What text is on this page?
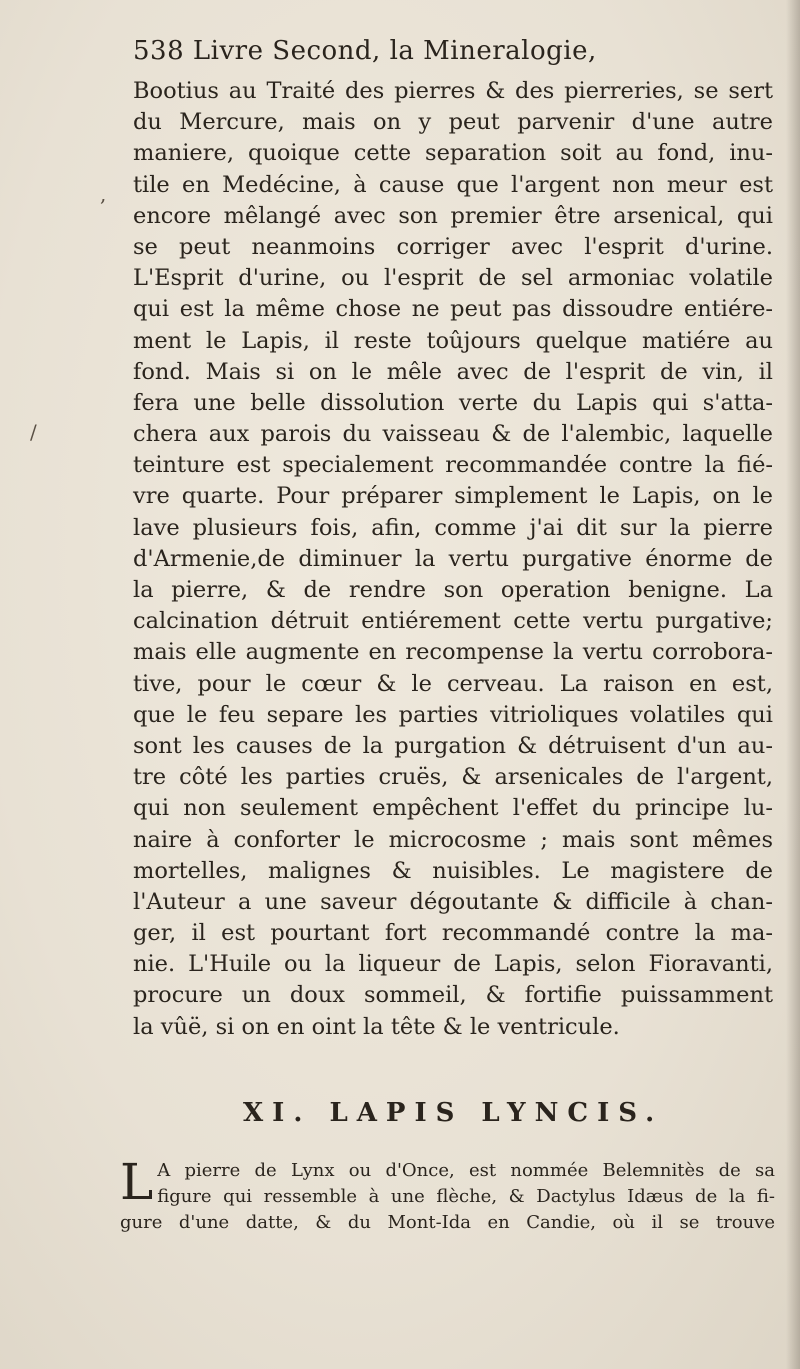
538 Livre Second, la Mineralogie,
Bootius au Traité des pierres & des pierreries, se sert
du Mercure, mais on y peut parvenir d'une autre
maniere, quoique cette separation soit au fond, inu-
tile en Medécine, à cause que l'argent non meur est
encore mêlangé avec son premier être arsenical, qui
se peut neanmoins corriger avec l'esprit d'urine.
L'Esprit d'urine, ou l'esprit de sel armoniac volatile
qui est la même chose ne peut pas dissoudre entiére-
ment le Lapis, il reste toûjours quelque matiére au
fond. Mais si on le mêle avec de l'esprit de vin, il
fera une belle dissolution verte du Lapis qui s'atta-
chera aux parois du vaisseau & de l'alembic, laquelle
teinture est specialement recommandée contre la fié-
vre quarte. Pour préparer simplement le Lapis, on le
lave plusieurs fois, afin, comme j'ai dit sur la pierre
d'Armenie,de diminuer la vertu purgative énorme de
la pierre, & de rendre son operation benigne. La
calcination détruit entiérement cette vertu purgative;
mais elle augmente en recompense la vertu corrobora-
tive, pour le cœur & le cerveau. La raison en est,
que le feu separe les parties vitrioliques volatiles qui
sont les causes de la purgation & détruisent d'un au-
tre côté les parties cruës, & arsenicales de l'argent,
qui non seulement empêchent l'effet du principe lu-
naire à conforter le microcosme ; mais sont mêmes
mortelles, malignes & nuisibles. Le magistere de
l'Auteur a une saveur dégoutante & difficile à chan-
ger, il est pourtant fort recommandé contre la ma-
nie. L'Huile ou la liqueur de Lapis, selon Fioravanti,
procure un doux sommeil, & fortifie puissamment
la vûë, si on en oint la tête & le ventricule.
XI. LAPIS LYNCIS.
L A pierre de Lynx ou d'Once, est nommée Belemnitès de sa
figure qui ressemble à une flèche, & Dactylus Idæus de la fi-
gure d'une datte, & du Mont-Ida en Candie, où il se trouve
,
/
